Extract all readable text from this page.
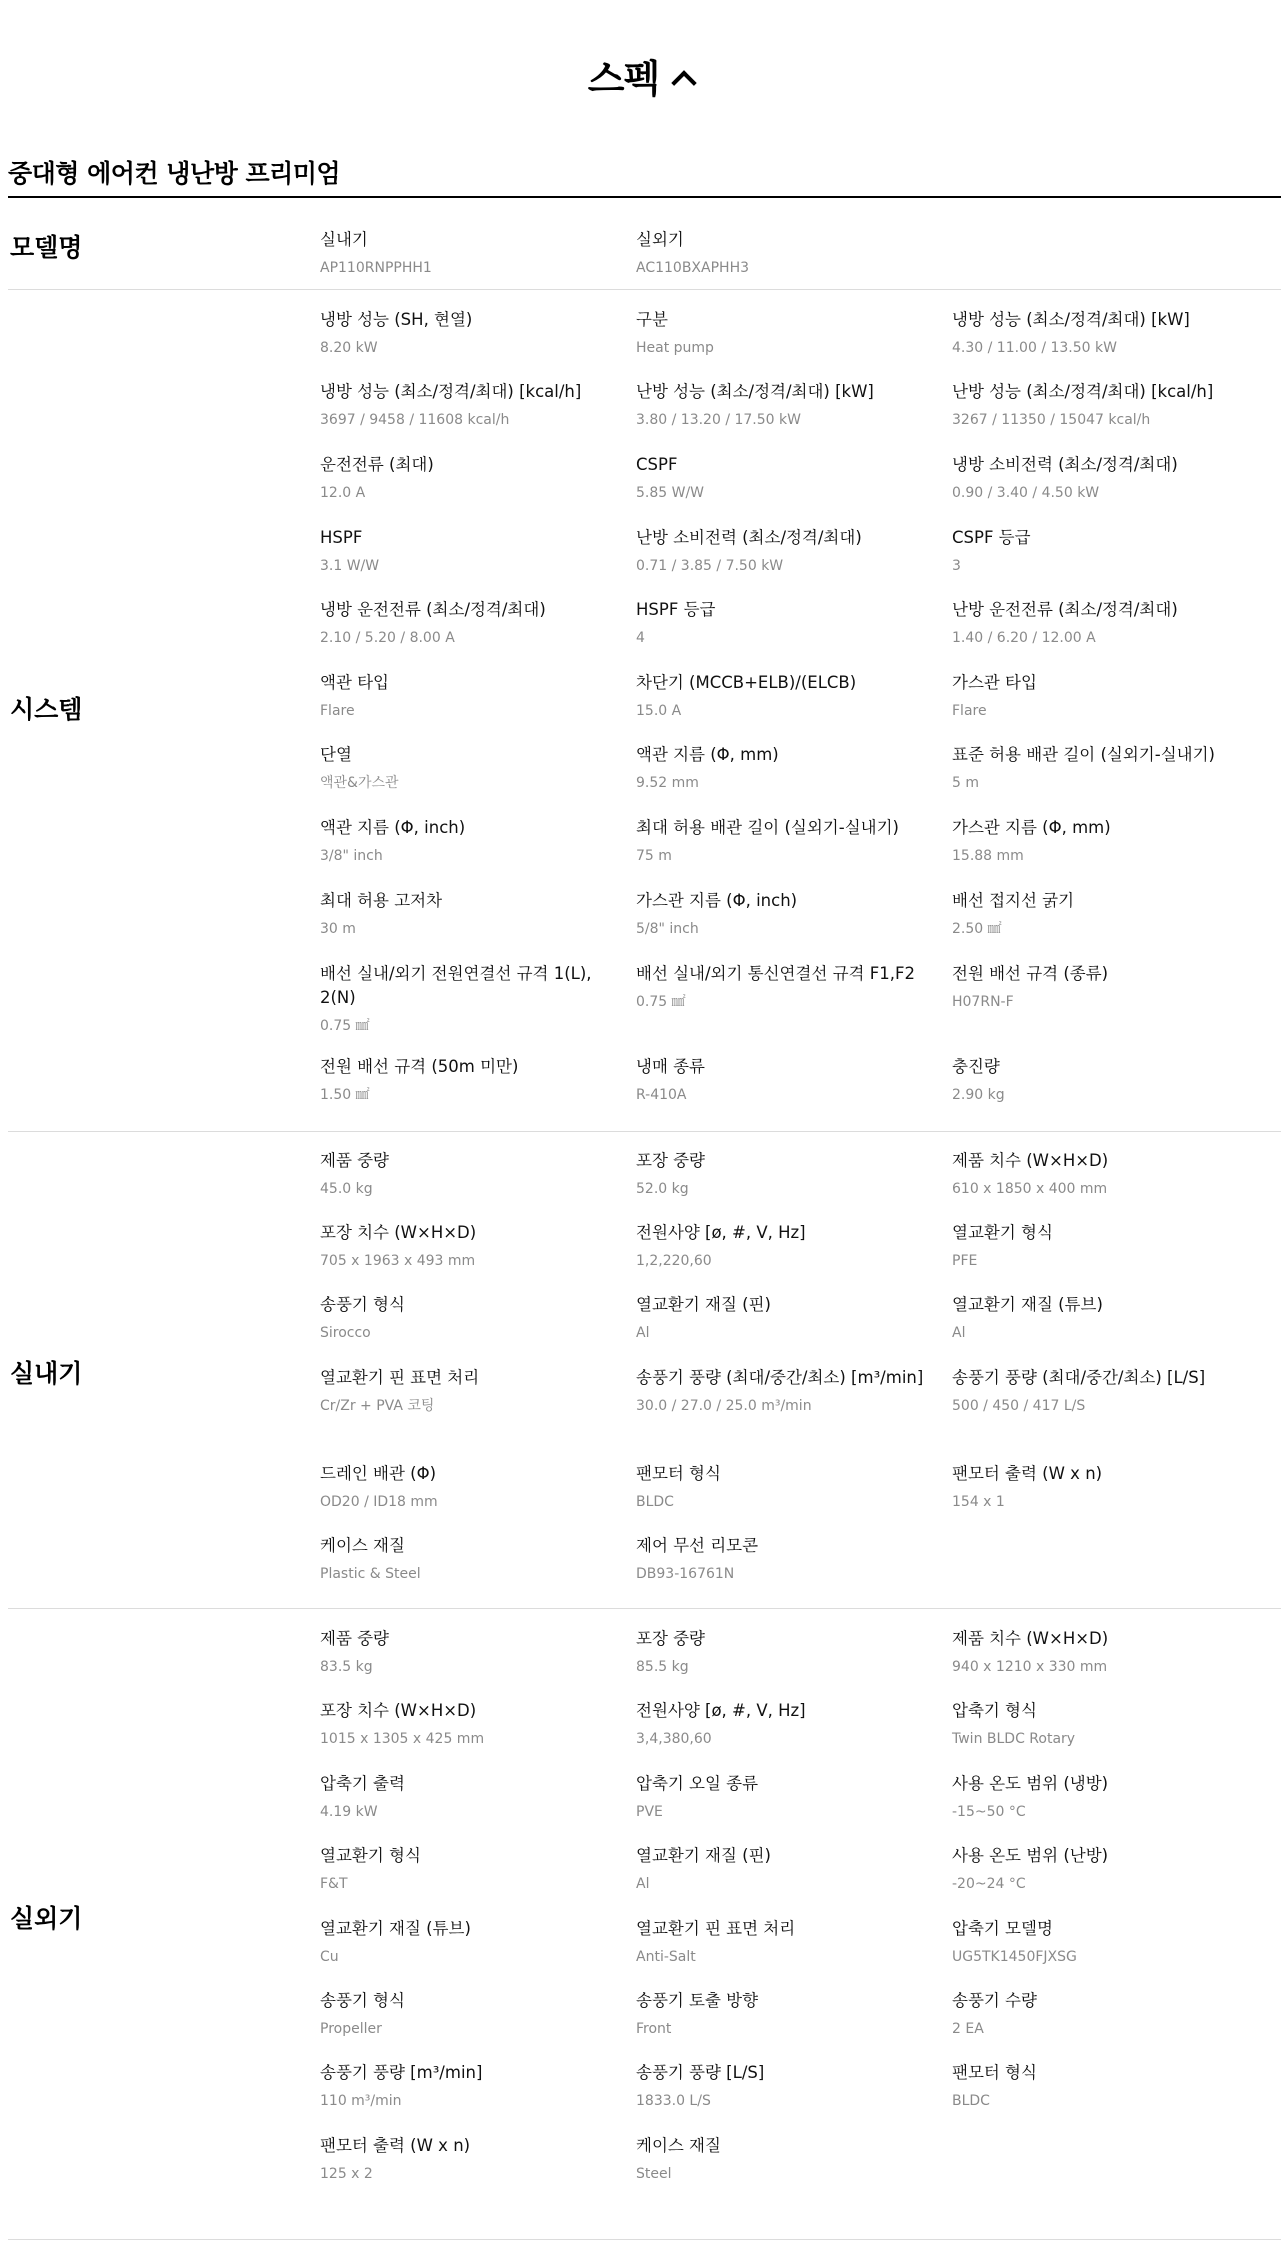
스펙
중대형 에어컨 냉난방 프리미엄
모델명	실내기
AP110RNPPHH1
실외기
AC110BXAPHH3
시스템
냉방 성능 (SH, 현열)
8.20 kW
구분
Heat pump
냉방 성능 (최소/정격/최대) [kW]
4.30 / 11.00 / 13.50 kW
냉방 성능 (최소/정격/최대) [kcal/h]
3697 / 9458 / 11608 kcal/h
난방 성능 (최소/정격/최대) [kW]
3.80 / 13.20 / 17.50 kW
난방 성능 (최소/정격/최대) [kcal/h]
3267 / 11350 / 15047 kcal/h
운전전류 (최대)
12.0 A
CSPF
5.85 W/W
냉방 소비전력 (최소/정격/최대)
0.90 / 3.40 / 4.50 kW
HSPF
3.1 W/W
난방 소비전력 (최소/정격/최대)
0.71 / 3.85 / 7.50 kW
CSPF 등급
3
냉방 운전전류 (최소/정격/최대)
2.10 / 5.20 / 8.00 A
HSPF 등급
4
난방 운전전류 (최소/정격/최대)
1.40 / 6.20 / 12.00 A
액관 타입
Flare
차단기 (MCCB+ELB)/(ELCB)
15.0 A
가스관 타입
Flare
단열
액관&가스관
액관 지름 (Φ, mm)
9.52 mm
표준 허용 배관 길이 (실외기-실내기)
5 m
액관 지름 (Φ, inch)
3/8" inch
최대 허용 배관 길이 (실외기-실내기)
75 m
가스관 지름 (Φ, mm)
15.88 mm
최대 허용 고저차
30 m
가스관 지름 (Φ, inch)
5/8" inch
배선 접지선 굵기
2.50 ㎟
배선 실내/외기 전원연결선 규격 1(L), 2(N)
0.75 ㎟
배선 실내/외기 통신연결선 규격 F1,F2
0.75 ㎟
전원 배선 규격 (종류)
H07RN-F
전원 배선 규격 (50m 미만)
1.50 ㎟
냉매 종류
R-410A
충진량
2.90 kg
실내기
제품 중량
45.0 kg
포장 중량
52.0 kg
제품 치수 (W×H×D)
610 x 1850 x 400 mm
포장 치수 (W×H×D)
705 x 1963 x 493 mm
전원사양 [ø, #, V, Hz]
1,2,220,60
열교환기 형식
PFE
송풍기 형식
Sirocco
열교환기 재질 (핀)
Al
열교환기 재질 (튜브)
Al
열교환기 핀 표면 처리
Cr/Zr + PVA 코팅
송풍기 풍량 (최대/중간/최소) [m³/min]
30.0 / 27.0 / 25.0 m³/min
송풍기 풍량 (최대/중간/최소) [L/S]
500 / 450 / 417 L/S
드레인 배관 (Φ)
OD20 / ID18 mm
팬모터 형식
BLDC
팬모터 출력 (W x n)
154 x 1
케이스 재질
Plastic & Steel
제어 무선 리모콘
DB93-16761N
실외기
제품 중량
83.5 kg
포장 중량
85.5 kg
제품 치수 (W×H×D)
940 x 1210 x 330 mm
포장 치수 (W×H×D)
1015 x 1305 x 425 mm
전원사양 [ø, #, V, Hz]
3,4,380,60
압축기 형식
Twin BLDC Rotary
압축기 출력
4.19 kW
압축기 오일 종류
PVE
사용 온도 범위 (냉방)
-15~50 °C
열교환기 형식
F&T
열교환기 재질 (핀)
Al
사용 온도 범위 (난방)
-20~24 °C
열교환기 재질 (튜브)
Cu
열교환기 핀 표면 처리
Anti-Salt
압축기 모델명
UG5TK1450FJXSG
송풍기 형식
Propeller
송풍기 토출 방향
Front
송풍기 수량
2 EA
송풍기 풍량 [m³/min]
110 m³/min
송풍기 풍량 [L/S]
1833.0 L/S
팬모터 형식
BLDC
팬모터 출력 (W x n)
125 x 2
케이스 재질
Steel
